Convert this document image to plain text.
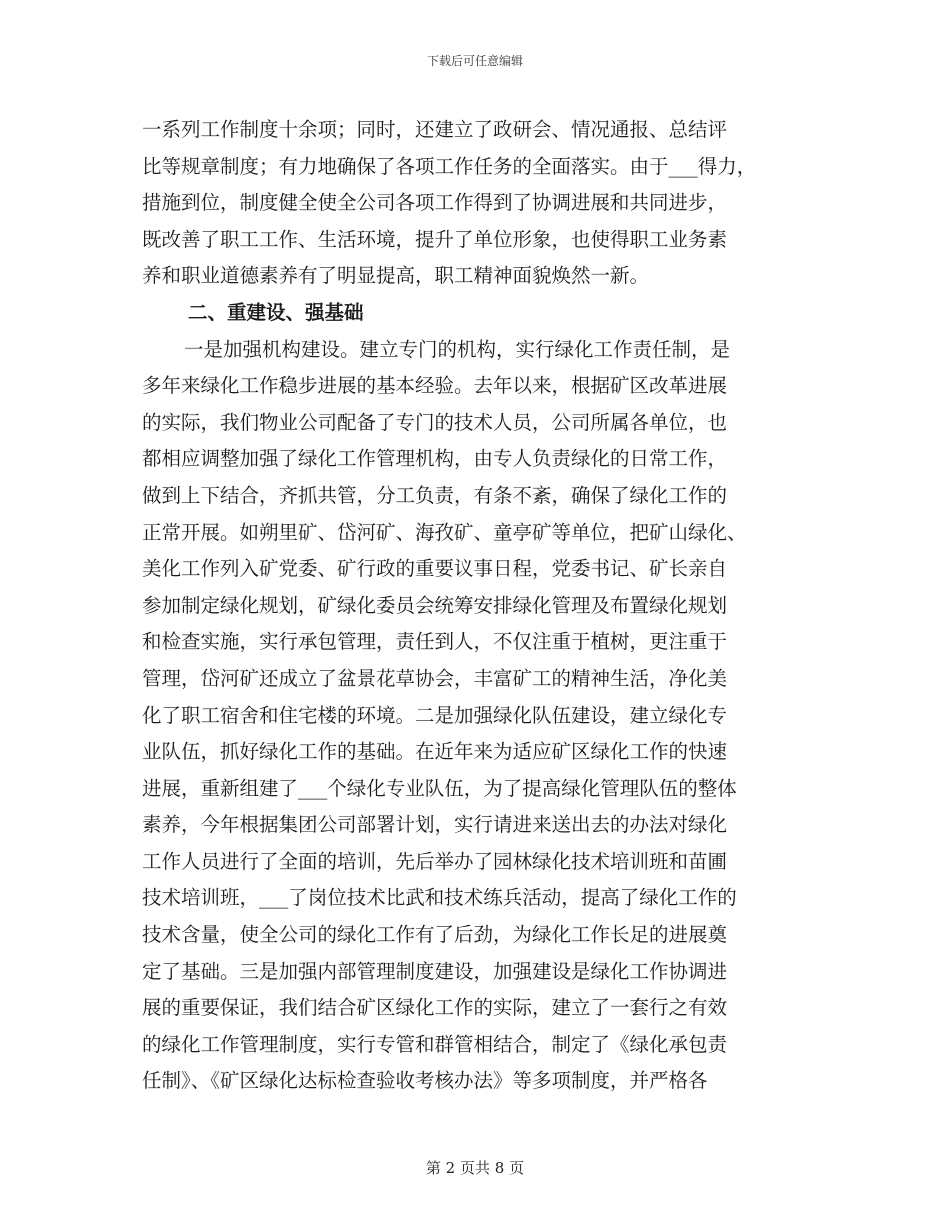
下载后可任意编辑
一系列工作制度十余项；同时，还建立了政研会、情况通报、总结评
比等规章制度；有力地确保了各项工作任务的全面落实。由于___得力，
措施到位，制度健全使全公司各项工作得到了协调进展和共同进步，
既改善了职工工作、生活环境，提升了单位形象，也使得职工业务素
养和职业道德素养有了明显提高，职工精神面貌焕然一新。
二、重建设、强基础
一是加强机构建设。建立专门的机构，实行绿化工作责任制，是
多年来绿化工作稳步进展的基本经验。去年以来，根据矿区改革进展
的实际，我们物业公司配备了专门的技术人员，公司所属各单位，也
都相应调整加强了绿化工作管理机构，由专人负责绿化的日常工作，
做到上下结合，齐抓共管，分工负责，有条不紊，确保了绿化工作的
正常开展。如朔里矿、岱河矿、海孜矿、童亭矿等单位，把矿山绿化、
美化工作列入矿党委、矿行政的重要议事日程，党委书记、矿长亲自
参加制定绿化规划，矿绿化委员会统筹安排绿化管理及布置绿化规划
和检查实施，实行承包管理，责任到人，不仅注重于植树，更注重于
管理，岱河矿还成立了盆景花草协会，丰富矿工的精神生活，净化美
化了职工宿舍和住宅楼的环境。二是加强绿化队伍建设，建立绿化专
业队伍，抓好绿化工作的基础。在近年来为适应矿区绿化工作的快速
进展，重新组建了___个绿化专业队伍，为了提高绿化管理队伍的整体
素养，今年根据集团公司部署计划，实行请进来送出去的办法对绿化
工作人员进行了全面的培训，先后举办了园林绿化技术培训班和苗圃
技术培训班，___了岗位技术比武和技术练兵活动，提高了绿化工作的
技术含量，使全公司的绿化工作有了后劲，为绿化工作长足的进展奠
定了基础。三是加强内部管理制度建设，加强建设是绿化工作协调进
展的重要保证，我们结合矿区绿化工作的实际，建立了一套行之有效
的绿化工作管理制度，实行专管和群管相结合，制定了《绿化承包责
任制》、《矿区绿化达标检查验收考核办法》等多项制度，并严格各
第 2 页共 8 页
